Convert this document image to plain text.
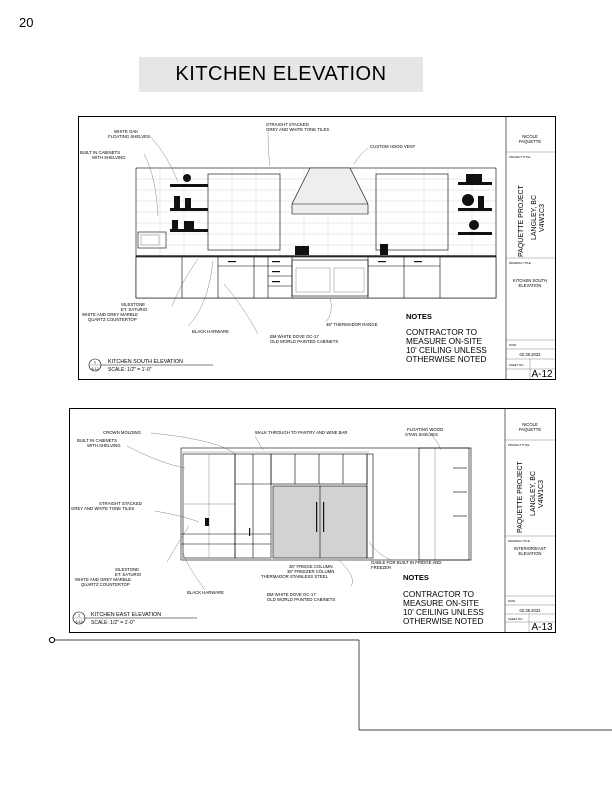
20
KITCHEN ELEVATION
NICOLE
PAQUETTE
PROJECT TITLE
PAQUETTE PROJECT LANGLEY, BC V4W1C3
DRAWING TITLE
KITCHEN SOUTH
ELEVATION
DATE
02.28.2022
SHEET NO.
A-12
WHITE OAK
FLOATING SHELVES
BUILT IN CABINETS
WITH SHELVING
STRAIGHT STACKED
GREY AND WHITE TONE TILES
CUSTOM HOOD VENT
SILESTONE
ET. SATURIO
WHITE AND GREY MARBLE
QUARTZ COUNTERTOP
BLACK HARWARE
48" THERMADOR RANGE
BM WHITE DOVE OC-17
OLD WORLD PAINTED CABINETS
NOTES
CONTRACTOR TO
MEASURE ON-SITE
10' CEILING UNLESS
OTHERWISE NOTED
1
A-12
KITCHEN SOUTH ELEVATION
SCALE: 1/2" = 1'-0"
NICOLE
PAQUETTE
PROJECT TITLE
PAQUETTE PROJECT LANGLEY, BC V4W1C3
DRAWING TITLE
INTERIOR/EAST
ELEVATION
DATE
02.28.2022
SHEET NO.
A-13
CROWN MOLDING
BUILT IN CABINETS
WITH SHELVING
WALK THROUGH TO PANTRY AND WINE BAR
FLOATING WOOD
STAIN SHELVES
STRAIGHT STACKED
GREY AND WHITE TONE TILES
SILESTONE
ET. SATURIO
WHITE AND GREY MARBLE
QUARTZ COUNTERTOP
BLACK HARWARE
36" FRIDGE COLUMN
36" FREEZER COLUMN
THERMADOR STAINLESS STEEL
BM WHITE DOVE OC-17
OLD WORLD PAINTED CABINETS
GABLE FOR BUILT IN FRIDGE AND
FREEZER
NOTES
CONTRACTOR TO
MEASURE ON-SITE
10' CEILING UNLESS
OTHERWISE NOTED
1
A-13
KITCHEN EAST ELEVATION
SCALE: 1/2" = 1'-0"
